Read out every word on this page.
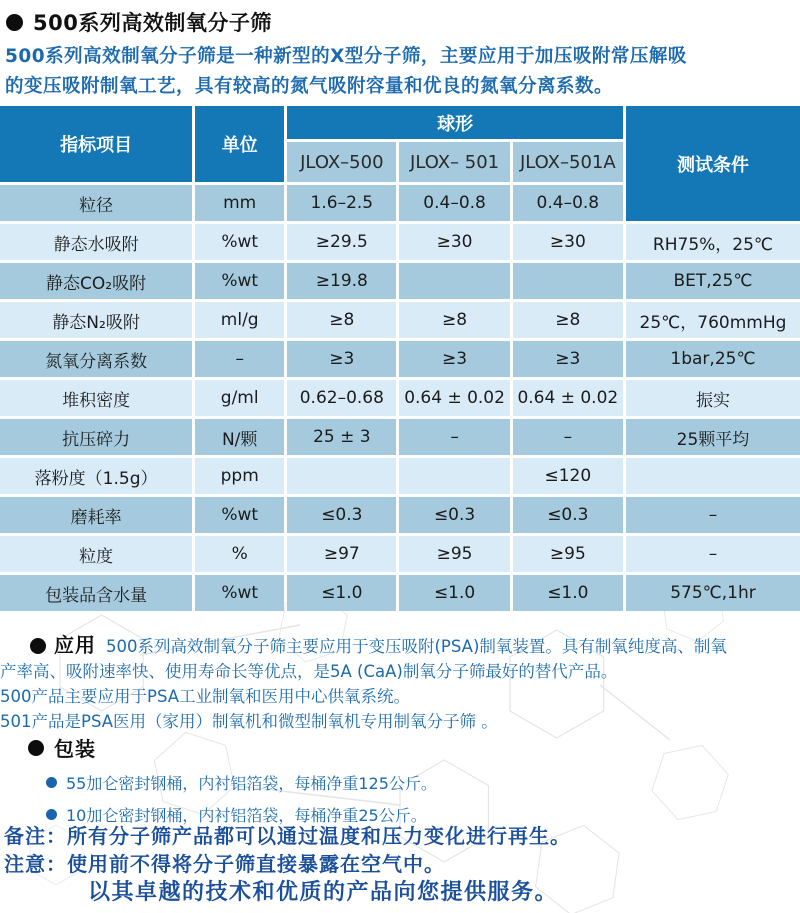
500系列高效制氧分子筛
500系列高效制氧分子筛是一种新型的X型分子筛，主要应用于加压吸附常压解吸
的变压吸附制氧工艺，具有较高的氮气吸附容量和优良的氮氧分离系数。
指标项目	单位	球形			测试条件
		JLOX–500	JLOX– 501	JLOX–501A	
粒径	mm	1.6–2.5	0.4–0.8	0.4–0.8	
静态水吸附	%wt	≥29.5	≥30	≥30	RH75%，25℃
静态CO₂吸附	%wt	≥19.8			BET,25℃
静态N₂吸附	ml/g	≥8	≥8	≥8	25℃，760mmHg
氮氧分离系数	–	≥3	≥3	≥3	1bar,25℃
堆积密度	g/ml	0.62–0.68	0.64 ± 0.02	0.64 ± 0.02	振实
抗压碎力	N/颗	25 ± 3	–	–	25颗平均
落粉度（1.5g）	ppm			≤120	
磨耗率	%wt	≤0.3	≤0.3	≤0.3	–
粒度	%	≥97	≥95	≥95	–
包装品含水量	%wt	≤1.0	≤1.0	≤1.0	575℃,1hr
应用 500系列高效制氧分子筛主要应用于变压吸附(PSA)制氧装置。具有制氧纯度高、制氧
产率高、吸附速率快、使用寿命长等优点，是5A (CaA)制氧分子筛最好的替代产品。
500产品主要应用于PSA工业制氧和医用中心供氧系统。
501产品是PSA医用（家用）制氧机和微型制氧机专用制氧分子筛 。
包装
55加仑密封钢桶，内衬铝箔袋，每桶净重125公斤。
10加仑密封钢桶，内衬铝箔袋，每桶净重25公斤。
备注：所有分子筛产品都可以通过温度和压力变化进行再生。
注意：使用前不得将分子筛直接暴露在空气中。
以其卓越的技术和优质的产品向您提供服务。
